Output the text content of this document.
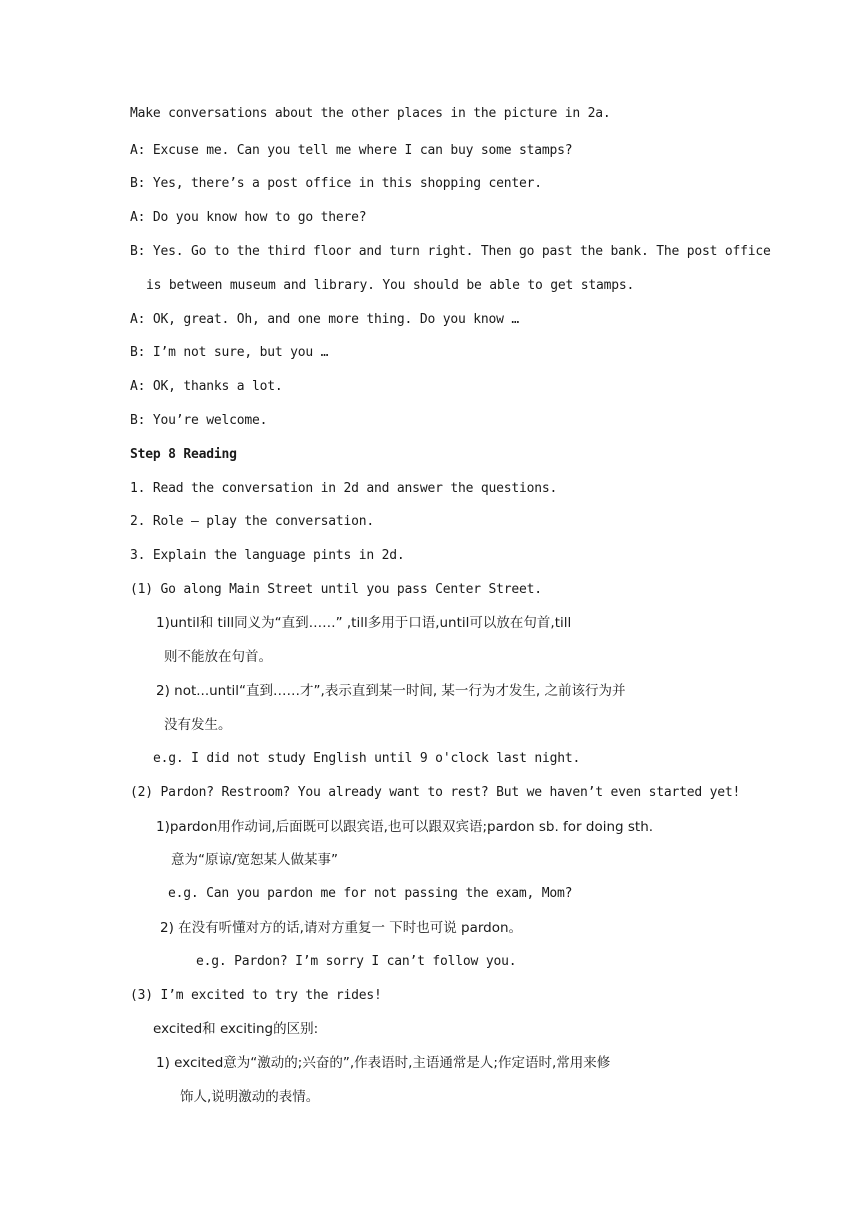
Make conversations about the other places in the picture in 2a.
A: Excuse me. Can you tell me where I can buy some stamps?
B: Yes, there’s a post office in this shopping center.
A: Do you know how to go there?
B: Yes. Go to the third floor and turn right. Then go past the bank. The post office
is between museum and library. You should be able to get stamps.
A: OK, great. Oh, and one more thing. Do you know …
B: I’m not sure, but you …
A: OK, thanks a lot.
B: You’re welcome.
Step 8 Reading
1. Read the conversation in 2d and answer the questions.
2. Role – play the conversation.
3. Explain the language pints in 2d.
(1) Go along Main Street until you pass Center Street.
1)until和 till同义为“直到……” ,till多用于口语,until可以放在句首,till
则不能放在句首。
2) not...until“直到……才”,表示直到某一时间, 某一行为才发生, 之前该行为并
没有发生。
e.g. I did not study English until 9 o'clock last night.
(2) Pardon? Restroom? You already want to rest? But we haven’t even started yet!
1)pardon用作动词,后面既可以跟宾语,也可以跟双宾语;pardon sb. for doing sth.
意为“原谅/宽恕某人做某事”
e.g. Can you pardon me for not passing the exam, Mom?
2) 在没有听懂对方的话,请对方重复一 下时也可说 pardon。
e.g. Pardon? I’m sorry I can’t follow you.
(3) I’m excited to try the rides!
excited和 exciting的区别:
1) excited意为“激动的;兴奋的”,作表语时,主语通常是人;作定语时,常用来修
饰人,说明激动的表情。
